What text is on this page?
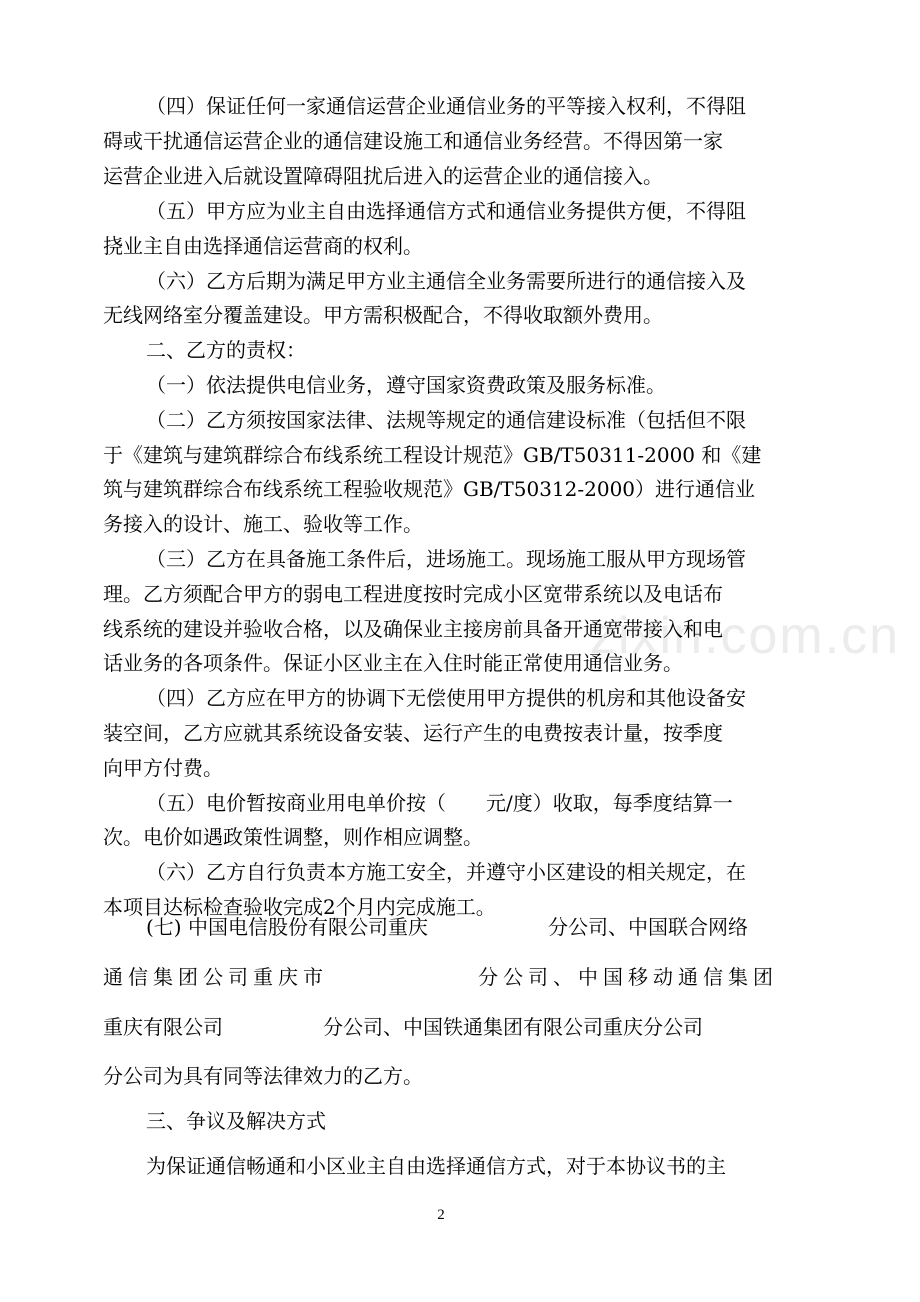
zixin.com.cn

（四）保证任何一家通信运营企业通信业务的平等接入权利，不得阻

碍或干扰通信运营企业的通信建设施工和通信业务经营。不得因第一家

运营企业进入后就设置障碍阻扰后进入的运营企业的通信接入。

（五）甲方应为业主自由选择通信方式和通信业务提供方便，不得阻

挠业主自由选择通信运营商的权利。

（六）乙方后期为满足甲方业主通信全业务需要所进行的通信接入及

无线网络室分覆盖建设。甲方需积极配合，不得收取额外费用。

二、乙方的责权：

（一）依法提供电信业务，遵守国家资费政策及服务标准。

（二）乙方须按国家法律、法规等规定的通信建设标准（包括但不限

于《建筑与建筑群综合布线系统工程设计规范》GB/T50311-2000 和《建

筑与建筑群综合布线系统工程验收规范》GB/T50312-2000）进行通信业

务接入的设计、施工、验收等工作。

（三）乙方在具备施工条件后，进场施工。现场施工服从甲方现场管

理。乙方须配合甲方的弱电工程进度按时完成小区宽带系统以及电话布

线系统的建设并验收合格，以及确保业主接房前具备开通宽带接入和电

话业务的各项条件。保证小区业主在入住时能正常使用通信业务。

（四）乙方应在甲方的协调下无偿使用甲方提供的机房和其他设备安

装空间，乙方应就其系统设备安装、运行产生的电费按表计量，按季度

向甲方付费。

（五）电价暂按商业用电单价按（　　元/度）收取，每季度结算一

次。电价如遇政策性调整，则作相应调整。

（六）乙方自行负责本方施工安全，并遵守小区建设的相关规定，在

本项目达标检查验收完成2个月内完成施工。

(七) 中国电信股份有限公司重庆　　　　　　分公司、中国联合网络

通信集团公司重庆市　　　　　　分公司、中国移动通信集团

重庆有限公司　　　　　分公司、中国铁通集团有限公司重庆分公司

分公司为具有同等法律效力的乙方。

三、争议及解决方式

为保证通信畅通和小区业主自由选择通信方式，对于本协议书的主

2
